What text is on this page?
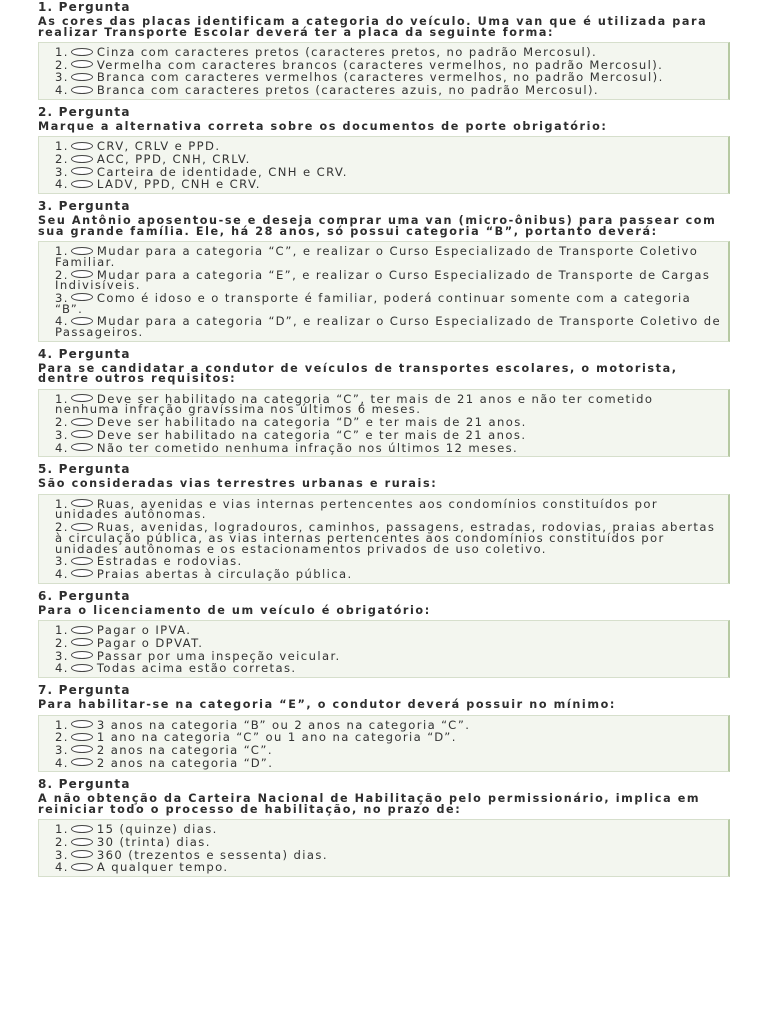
1. Pergunta
As cores das placas identificam a categoria do veículo. Uma van que é utilizada para realizar Transporte Escolar deverá ter a placa da seguinte forma:
1. Cinza com caracteres pretos (caracteres pretos, no padrão Mercosul).
2. Vermelha com caracteres brancos (caracteres vermelhos, no padrão Mercosul).
3. Branca com caracteres vermelhos (caracteres vermelhos, no padrão Mercosul).
4. Branca com caracteres pretos (caracteres azuis, no padrão Mercosul).
2. Pergunta
Marque a alternativa correta sobre os documentos de porte obrigatório:
1. CRV, CRLV e PPD.
2. ACC, PPD, CNH, CRLV.
3. Carteira de identidade, CNH e CRV.
4. LADV, PPD, CNH e CRV.
3. Pergunta
Seu Antônio aposentou-se e deseja comprar uma van (micro-ônibus) para passear com sua grande família. Ele, há 28 anos, só possui categoria “B”, portanto deverá:
1. Mudar para a categoria “C”, e realizar o Curso Especializado de Transporte Coletivo Familiar.
2. Mudar para a categoria “E”, e realizar o Curso Especializado de Transporte de Cargas Indivisíveis.
3. Como é idoso e o transporte é familiar, poderá continuar somente com a categoria “B”.
4. Mudar para a categoria “D”, e realizar o Curso Especializado de Transporte Coletivo de Passageiros.
4. Pergunta
Para se candidatar a condutor de veículos de transportes escolares, o motorista, dentre outros requisitos:
1. Deve ser habilitado na categoria “C”, ter mais de 21 anos e não ter cometido nenhuma infração gravíssima nos últimos 6 meses.
2. Deve ser habilitado na categoria “D” e ter mais de 21 anos.
3. Deve ser habilitado na categoria “C” e ter mais de 21 anos.
4. Não ter cometido nenhuma infração nos últimos 12 meses.
5. Pergunta
São consideradas vias terrestres urbanas e rurais:
1. Ruas, avenidas e vias internas pertencentes aos condomínios constituídos por unidades autônomas.
2. Ruas, avenidas, logradouros, caminhos, passagens, estradas, rodovias, praias abertas à circulação pública, as vias internas pertencentes aos condomínios constituídos por unidades autônomas e os estacionamentos privados de uso coletivo.
3. Estradas e rodovias.
4. Praias abertas à circulação pública.
6. Pergunta
Para o licenciamento de um veículo é obrigatório:
1. Pagar o IPVA.
2. Pagar o DPVAT.
3. Passar por uma inspeção veicular.
4. Todas acima estão corretas.
7. Pergunta
Para habilitar-se na categoria “E”, o condutor deverá possuir no mínimo:
1. 3 anos na categoria “B” ou 2 anos na categoria “C”.
2. 1 ano na categoria “C” ou 1 ano na categoria “D”.
3. 2 anos na categoria “C”.
4. 2 anos na categoria “D”.
8. Pergunta
A não obtenção da Carteira Nacional de Habilitação pelo permissionário, implica em reiniciar todo o processo de habilitação, no prazo de:
1. 15 (quinze) dias.
2. 30 (trinta) dias.
3. 360 (trezentos e sessenta) dias.
4. A qualquer tempo.
